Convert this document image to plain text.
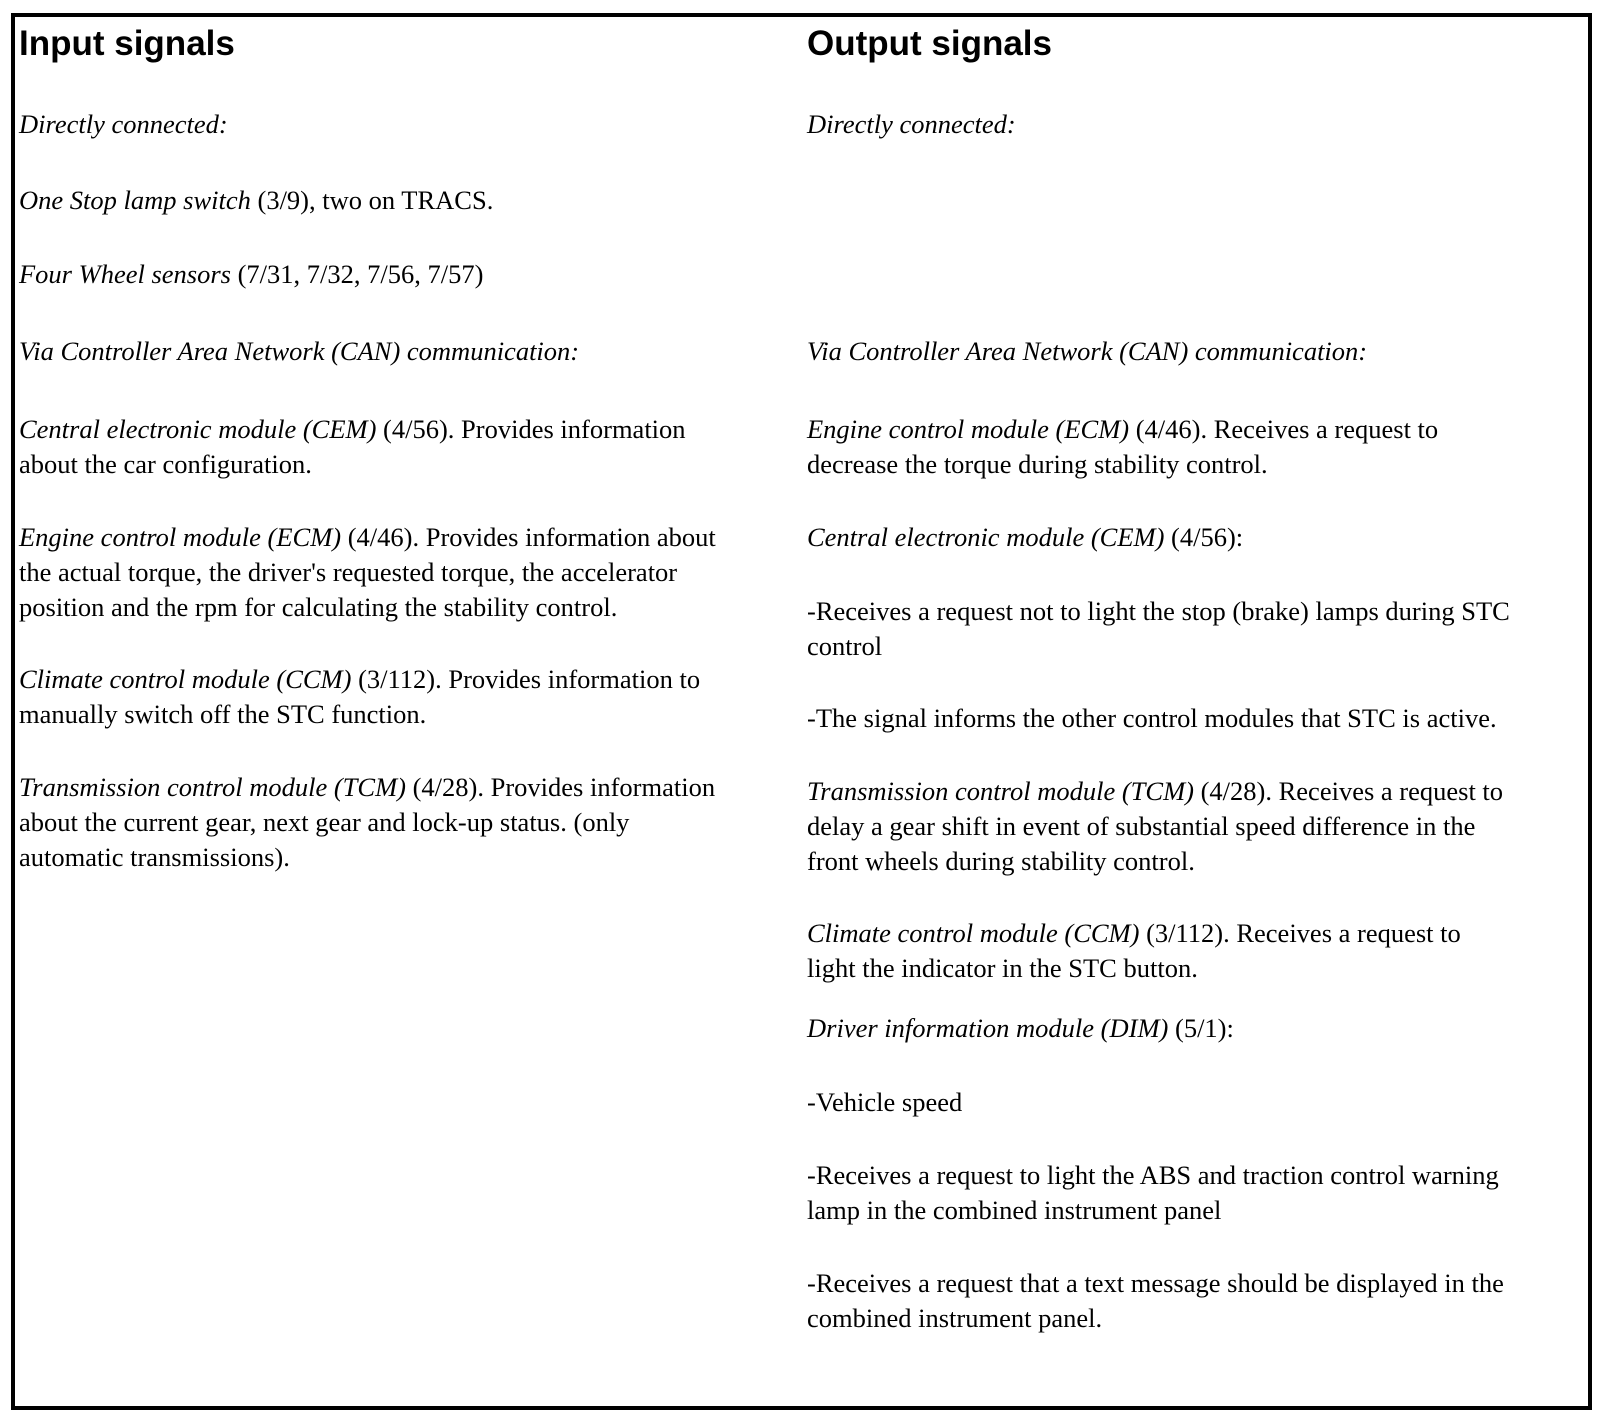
Input signals
Directly connected:
One Stop lamp switch (3/9), two on TRACS.
Four Wheel sensors (7/31, 7/32, 7/56, 7/57)
Via Controller Area Network (CAN) communication:
Central electronic module (CEM) (4/56). Provides information
about the car configuration.
Engine control module (ECM) (4/46). Provides information about
the actual torque, the driver's requested torque, the accelerator
position and the rpm for calculating the stability control.
Climate control module (CCM) (3/112). Provides information to
manually switch off the STC function.
Transmission control module (TCM) (4/28). Provides information
about the current gear, next gear and lock-up status. (only
automatic transmissions).
Output signals
Directly connected:
Via Controller Area Network (CAN) communication:
Engine control module (ECM) (4/46). Receives a request to
decrease the torque during stability control.
Central electronic module (CEM) (4/56):
-Receives a request not to light the stop (brake) lamps during STC
control
-The signal informs the other control modules that STC is active.
Transmission control module (TCM) (4/28). Receives a request to
delay a gear shift in event of substantial speed difference in the
front wheels during stability control.
Climate control module (CCM) (3/112). Receives a request to
light the indicator in the STC button.
Driver information module (DIM) (5/1):
-Vehicle speed
-Receives a request to light the ABS and traction control warning
lamp in the combined instrument panel
-Receives a request that a text message should be displayed in the
combined instrument panel.
